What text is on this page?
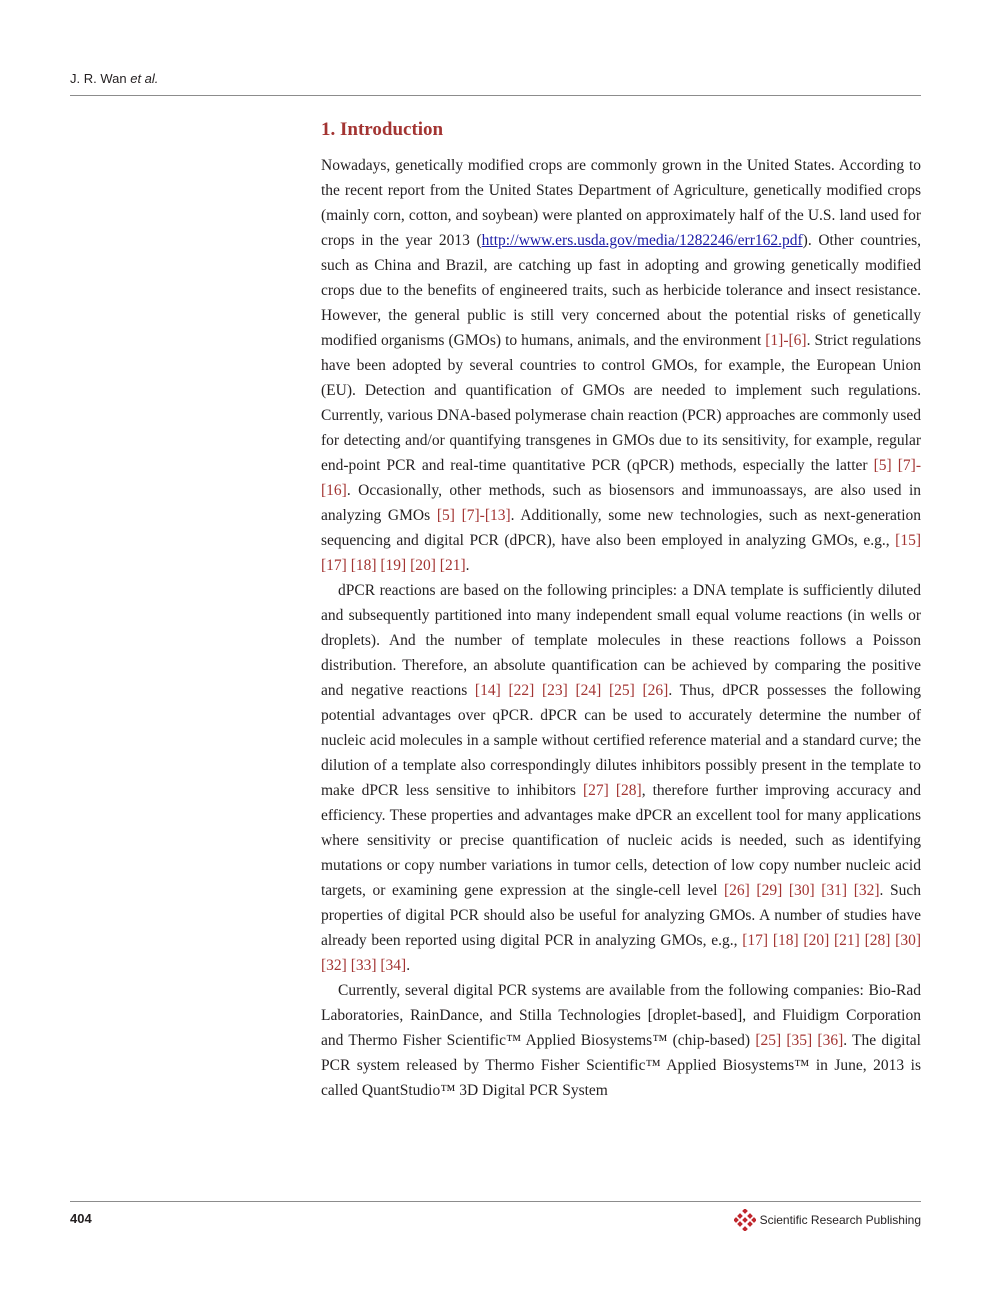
J. R. Wan et al.
1. Introduction

Nowadays, genetically modified crops are commonly grown in the United States. According to the recent report from the United States Department of Agriculture, genetically modified crops (mainly corn, cotton, and soybean) were planted on approximately half of the U.S. land used for crops in the year 2013 (http://www.ers.usda.gov/media/1282246/err162.pdf). Other countries, such as China and Brazil, are catching up fast in adopting and growing genetically modified crops due to the benefits of engineered traits, such as herbicide tolerance and insect resistance. However, the general public is still very concerned about the potential risks of genetically modified organisms (GMOs) to humans, animals, and the environment [1]-[6]. Strict regulations have been adopted by several countries to control GMOs, for example, the European Union (EU). Detection and quantification of GMOs are needed to implement such regulations. Currently, various DNA-based polymerase chain reaction (PCR) approaches are commonly used for detecting and/or quantifying transgenes in GMOs due to its sensitivity, for example, regular end-point PCR and real-time quantitative PCR (qPCR) methods, especially the latter [5] [7]-[16]. Occasionally, other methods, such as biosensors and immunoassays, are also used in analyzing GMOs [5] [7]-[13]. Additionally, some new technologies, such as next-generation sequencing and digital PCR (dPCR), have also been employed in analyzing GMOs, e.g., [15] [17] [18] [19] [20] [21].

dPCR reactions are based on the following principles: a DNA template is sufficiently diluted and subsequently partitioned into many independent small equal volume reactions (in wells or droplets). And the number of template molecules in these reactions follows a Poisson distribution. Therefore, an absolute quantification can be achieved by comparing the positive and negative reactions [14] [22] [23] [24] [25] [26]. Thus, dPCR possesses the following potential advantages over qPCR. dPCR can be used to accurately determine the number of nucleic acid molecules in a sample without certified reference material and a standard curve; the dilution of a template also correspondingly dilutes inhibitors possibly present in the template to make dPCR less sensitive to inhibitors [27] [28], therefore further improving accuracy and efficiency. These properties and advantages make dPCR an excellent tool for many applications where sensitivity or precise quantification of nucleic acids is needed, such as identifying mutations or copy number variations in tumor cells, detection of low copy number nucleic acid targets, or examining gene expression at the single-cell level [26] [29] [30] [31] [32]. Such properties of digital PCR should also be useful for analyzing GMOs. A number of studies have already been reported using digital PCR in analyzing GMOs, e.g., [17] [18] [20] [21] [28] [30] [32] [33] [34].

Currently, several digital PCR systems are available from the following companies: Bio-Rad Laboratories, RainDance, and Stilla Technologies [droplet-based], and Fluidigm Corporation and Thermo Fisher Scientific™ Applied Biosystems™ (chip-based) [25] [35] [36]. The digital PCR system released by Thermo Fisher Scientific™ Applied Biosystems™ in June, 2013 is called QuantStudio™ 3D Digital PCR System

404	Scientific Research Publishing
